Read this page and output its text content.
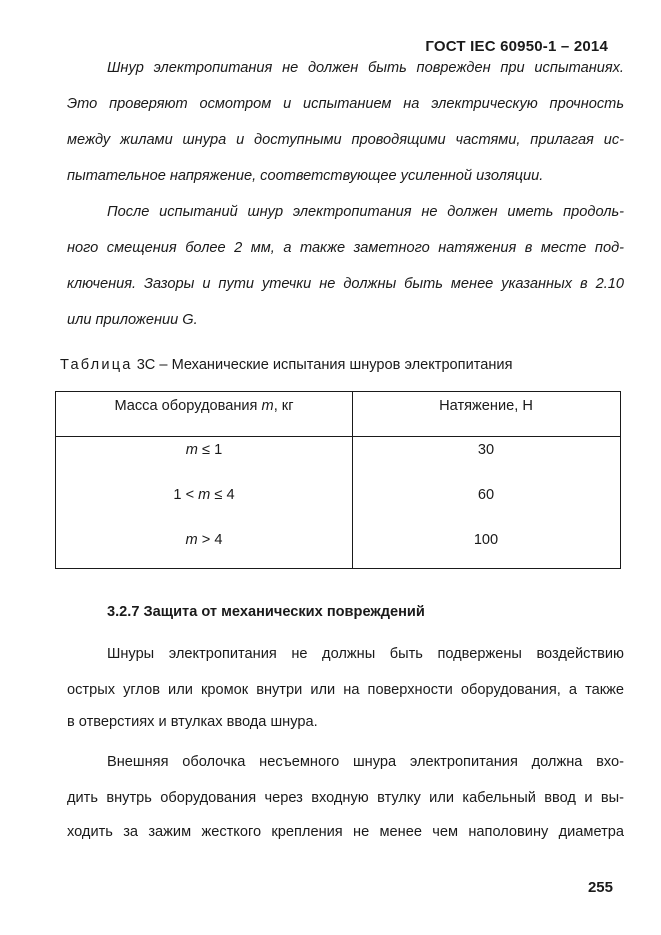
ГОСТ IEC 60950-1 – 2014
Шнур электропитания не должен быть поврежден при испытаниях.
Это проверяют осмотром и испытанием на электрическую прочность
между жилами шнура и доступными проводящими частями, прилагая ис-
пытательное напряжение, соответствующее усиленной изоляции.
После испытаний шнур электропитания не должен иметь продоль-
ного смещения более 2 мм, а также заметного натяжения в месте под-
ключения. Зазоры и пути утечки не должны быть менее указанных в 2.10
или приложении G.
Таблица 3С – Механические испытания шнуров электропитания
Масса оборудования m, кг	Натяжение, Н
m ≤ 1	30
1 < m ≤ 4	60
m > 4	100
3.2.7 Защита от механических повреждений
Шнуры электропитания не должны быть подвержены воздействию
острых углов или кромок внутри или на поверхности оборудования, а также
в отверстиях и втулках ввода шнура.
Внешняя оболочка несъемного шнура электропитания должна вхо-
дить внутрь оборудования через входную втулку или кабельный ввод и вы-
ходить за зажим жесткого крепления не менее чем наполовину диаметра
255
